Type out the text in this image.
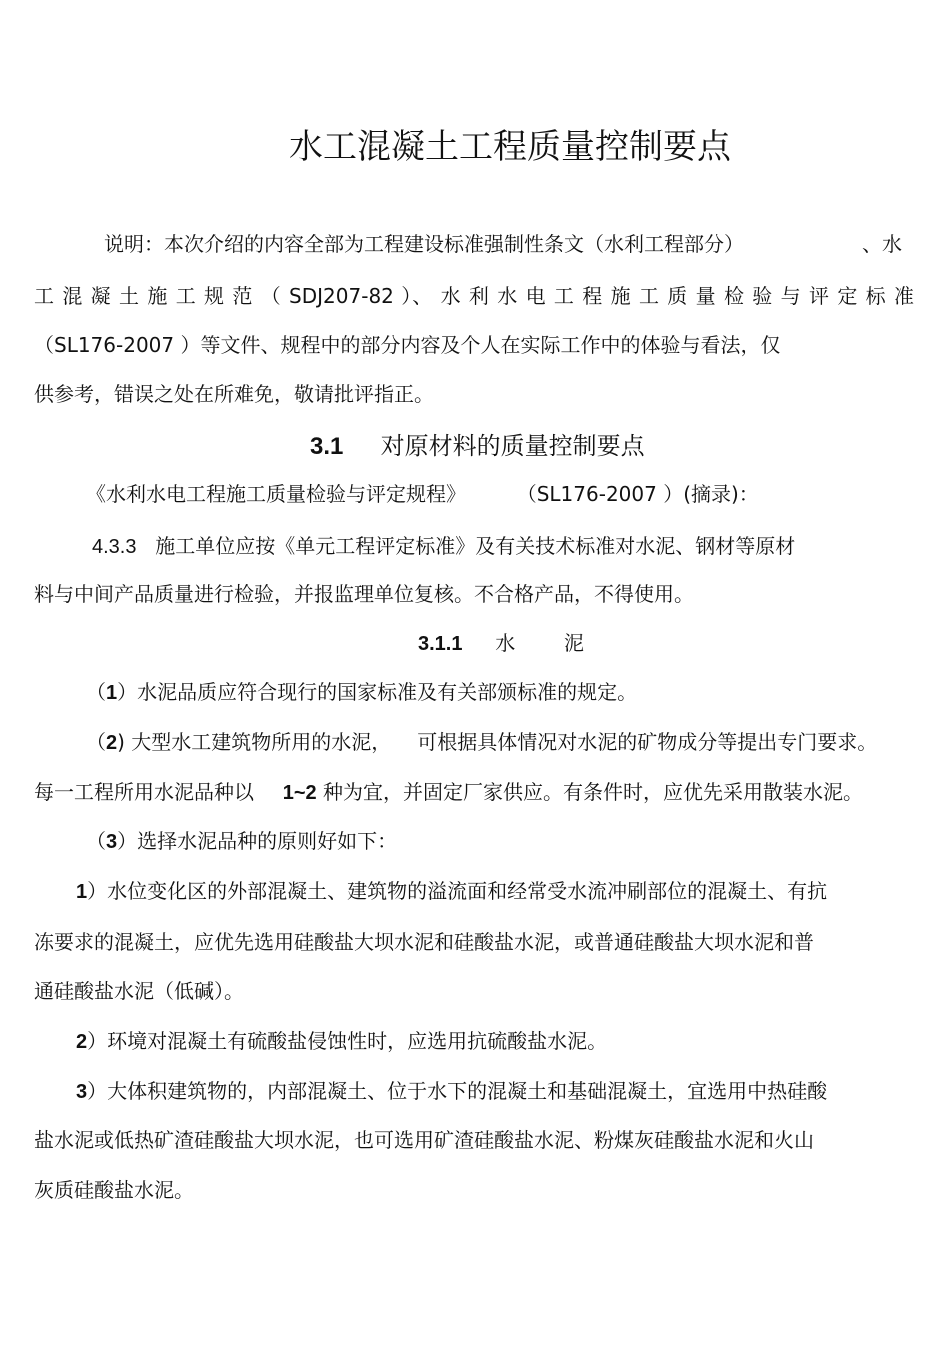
水工混凝土工程质量控制要点
说明：本次介绍的内容全部为工程建设标准强制性条文（水利工程部分）	、水
工 混 凝 土 施 工 规 范 （ SDJ207-82 ）、 水 利 水 电 工 程 施 工 质 量 检 验 与 评 定 标 准
（SL176-2007 ）等文件、规程中的部分内容及个人在实际工作中的体验与看法，仅
供参考，错误之处在所难免，敬请批评指正。
3.1 对原材料的质量控制要点
《水利水电工程施工质量检验与评定规程》	（SL176-2007 ）(摘录)：
4.3.3 施工单位应按《单元工程评定标准》及有关技术标准对水泥、钢材等原材
料与中间产品质量进行检验，并报监理单位复核。不合格产品，不得使用。
3.1.1 水 泥
（1）水泥品质应符合现行的国家标准及有关部颁标准的规定。
（2) 大型水工建筑物所用的水泥， 可根据具体情况对水泥的矿物成分等提出专门要求。
每一工程所用水泥品种以 1~2 种为宜，并固定厂家供应。有条件时，应优先采用散装水泥。
（3）选择水泥品种的原则好如下：
1）水位变化区的外部混凝土、建筑物的溢流面和经常受水流冲刷部位的混凝土、有抗
冻要求的混凝土，应优先选用硅酸盐大坝水泥和硅酸盐水泥，或普通硅酸盐大坝水泥和普
通硅酸盐水泥（低碱）。
2）环境对混凝土有硫酸盐侵蚀性时，应选用抗硫酸盐水泥。
3）大体积建筑物的，内部混凝土、位于水下的混凝土和基础混凝土，宜选用中热硅酸
盐水泥或低热矿渣硅酸盐大坝水泥，也可选用矿渣硅酸盐水泥、粉煤灰硅酸盐水泥和火山
灰质硅酸盐水泥。
